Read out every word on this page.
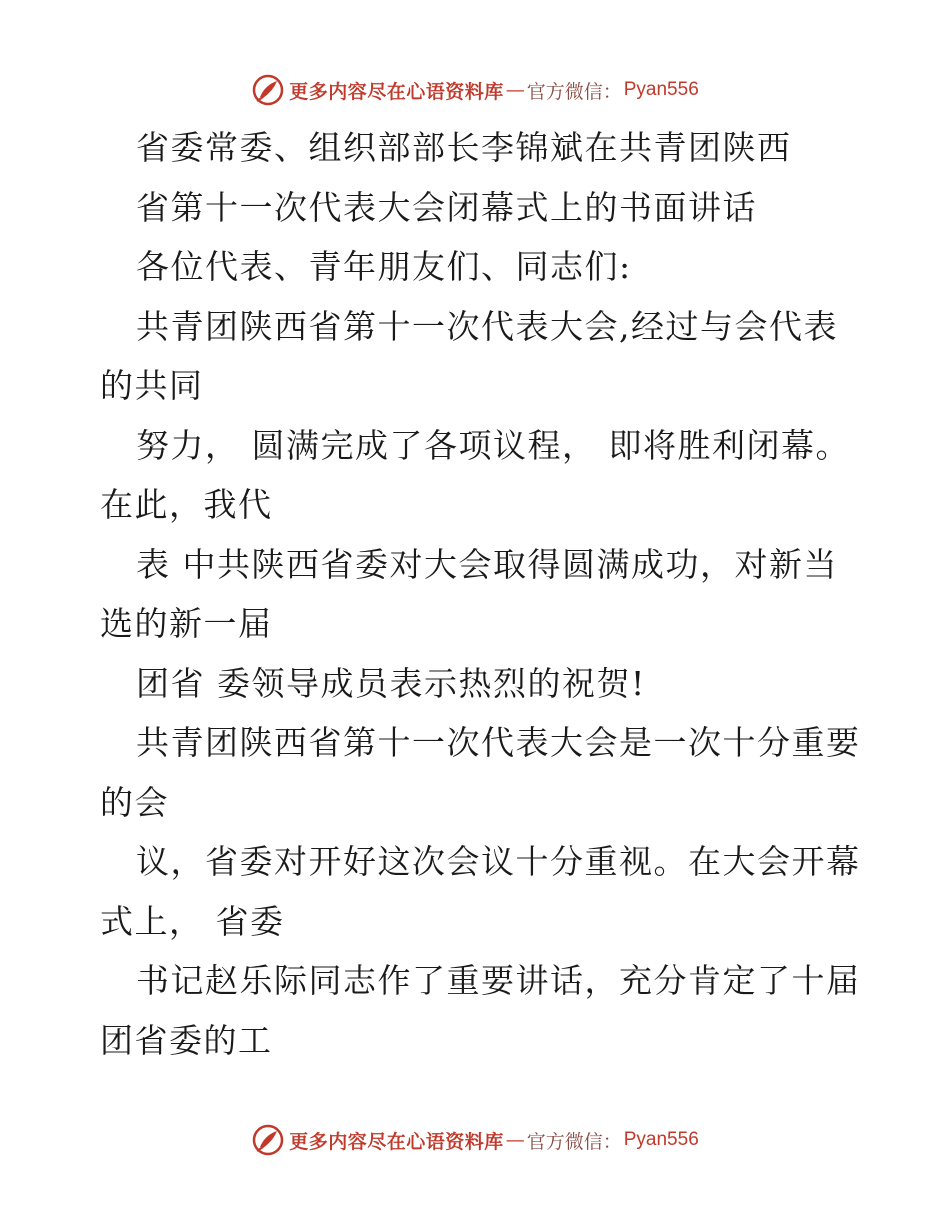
更多内容尽在心语资料库 — 官方微信： Pyan556
省委常委、组织部部长李锦斌在共青团陕西
省第十一次代表大会闭幕式上的书面讲话
各位代表、青年朋友们、同志们:
共青团陕西省第十一次代表大会,经过与会代表
的共同
努力， 圆满完成了各项议程， 即将胜利闭幕。
在此，我代
表 中共陕西省委对大会取得圆满成功，对新当
选的新一届
团省 委领导成员表示热烈的祝贺!
共青团陕西省第十一次代表大会是一次十分重要
的会
议，省委对开好这次会议十分重视。在大会开幕
式上， 省委
书记赵乐际同志作了重要讲话，充分肯定了十届
团省委的工
更多内容尽在心语资料库 — 官方微信： Pyan556
